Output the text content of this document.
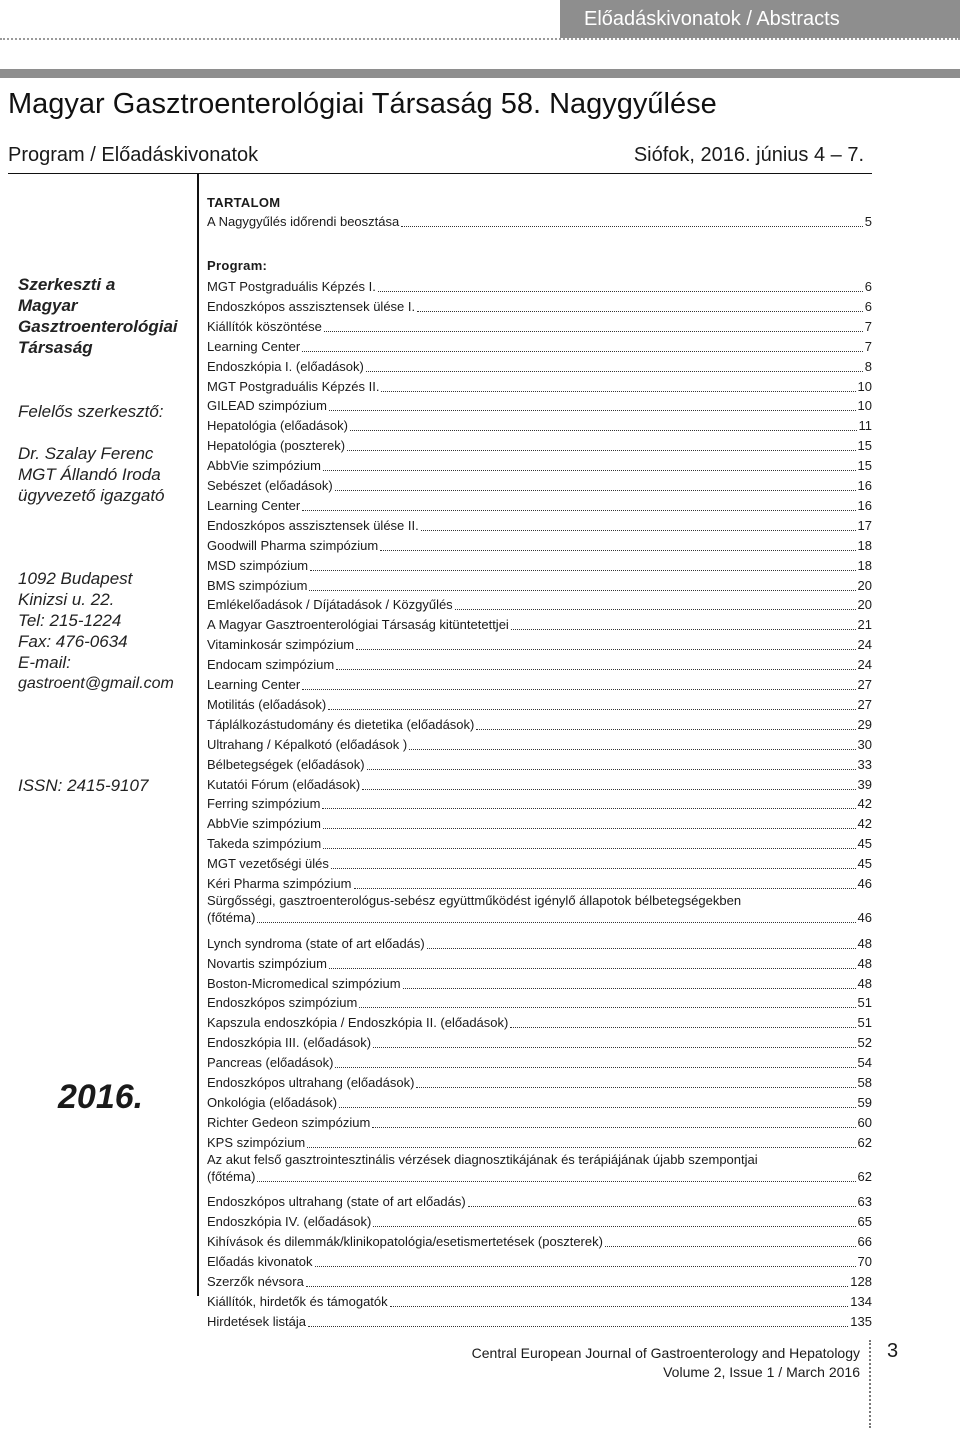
Előadáskivonatok / Abstracts
Magyar Gasztroenterológiai Társaság 58. Nagygyűlése
Program / Előadáskivonatok	Siófok, 2016. június 4 – 7.
Szerkeszti a
Magyar
Gasztroenterológiai
Társaság
Felelős szerkesztő:
Dr. Szalay Ferenc
MGT Állandó Iroda
ügyvezető igazgató
1092 Budapest
Kinizsi u. 22.
Tel: 215-1224
Fax: 476-0634
E-mail:
gastroent@gmail.com
ISSN: 2415-9107
2016.
TARTALOM
A Nagygyűlés időrendi beosztása	5
Program:
MGT Postgraduális Képzés I.	6
Endoszkópos asszisztensek ülése I.	6
Kiállítók köszöntése	7
Learning Center	7
Endoszkópia I. (előadások)	8
MGT Postgraduális Képzés II.	10
GILEAD szimpózium	10
Hepatológia (előadások)	11
Hepatológia (poszterek)	15
AbbVie szimpózium	15
Sebészet (előadások)	16
Learning Center	16
Endoszkópos asszisztensek ülése II.	17
Goodwill Pharma szimpózium	18
MSD szimpózium	18
BMS szimpózium	20
Emlékelőadások / Díjátadások / Közgyűlés	20
A Magyar Gasztroenterológiai Társaság kitüntetettjei	21
Vitaminkosár szimpózium	24
Endocam szimpózium	24
Learning Center	27
Motilitás (előadások)	27
Táplálkozástudomány és dietetika (előadások)	29
Ultrahang / Képalkotó (előadások )	30
Bélbetegségek (előadások)	33
Kutatói Fórum (előadások)	39
Ferring szimpózium	42
AbbVie szimpózium	42
Takeda szimpózium	45
MGT vezetőségi ülés	45
Kéri Pharma szimpózium	46
Sürgősségi, gasztroenterológus-sebész együttműködést igénylő állapotok bélbetegségekben
(főtéma)	46
Lynch syndroma (state of art előadás)	48
Novartis szimpózium	48
Boston-Micromedical szimpózium	48
Endoszkópos szimpózium	51
Kapszula endoszkópia / Endoszkópia II. (előadások)	51
Endoszkópia III. (előadások)	52
Pancreas (előadások)	54
Endoszkópos ultrahang (előadások)	58
Onkológia (előadások)	59
Richter Gedeon szimpózium	60
KPS szimpózium	62
Az akut felső gasztrointesztinális vérzések diagnosztikájának és terápiájának újabb szempontjai
(főtéma)	62
Endoszkópos ultrahang (state of art előadás)	63
Endoszkópia IV. (előadások)	65
Kihívások és dilemmák/klinikopatológia/esetismertetések (poszterek)	66
Előadás kivonatok	70
Szerzők névsora	128
Kiállítók, hirdetők és támogatók	134
Hirdetések listája	135
Central European Journal of Gastroenterology and Hepatology
Volume 2, Issue 1 / March 2016
3
